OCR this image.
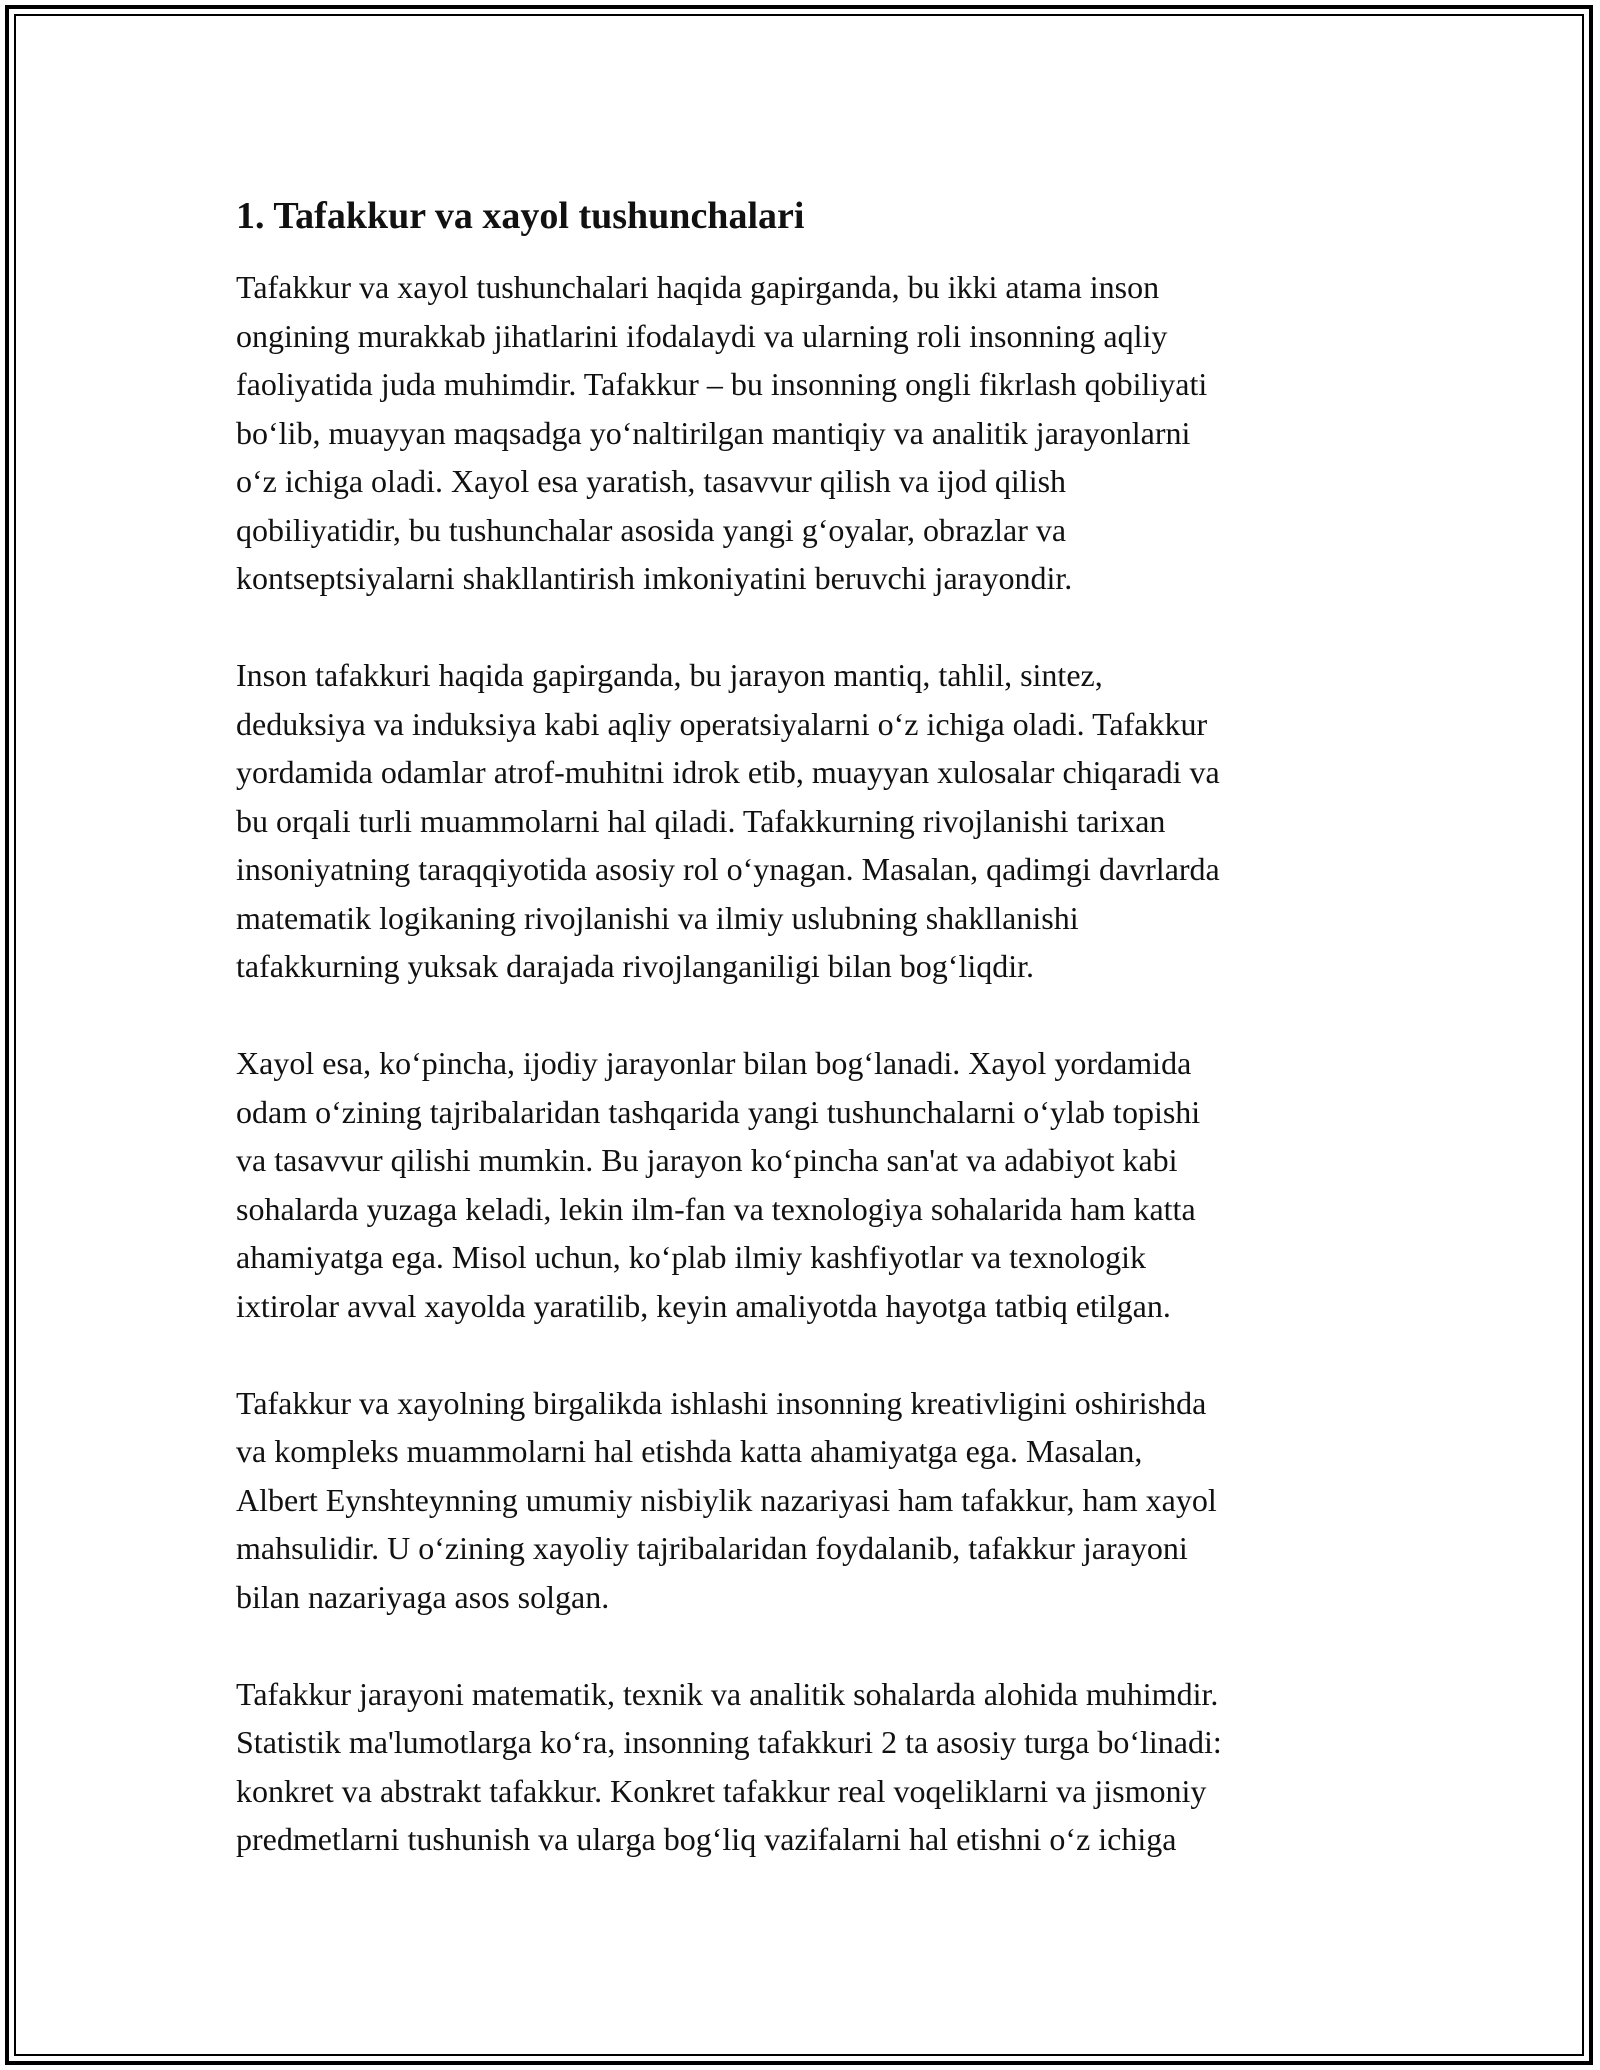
1. Tafakkur va xayol tushunchalari
Tafakkur va xayol tushunchalari haqida gapirganda, bu ikki atama inson
ongining murakkab jihatlarini ifodalaydi va ularning roli insonning aqliy
faoliyatida juda muhimdir. Tafakkur – bu insonning ongli fikrlash qobiliyati
bo‘lib, muayyan maqsadga yo‘naltirilgan mantiqiy va analitik jarayonlarni
o‘z ichiga oladi. Xayol esa yaratish, tasavvur qilish va ijod qilish
qobiliyatidir, bu tushunchalar asosida yangi g‘oyalar, obrazlar va
kontseptsiyalarni shakllantirish imkoniyatini beruvchi jarayondir.
Inson tafakkuri haqida gapirganda, bu jarayon mantiq, tahlil, sintez,
deduksiya va induksiya kabi aqliy operatsiyalarni o‘z ichiga oladi. Tafakkur
yordamida odamlar atrof-muhitni idrok etib, muayyan xulosalar chiqaradi va
bu orqali turli muammolarni hal qiladi. Tafakkurning rivojlanishi tarixan
insoniyatning taraqqiyotida asosiy rol o‘ynagan. Masalan, qadimgi davrlarda
matematik logikaning rivojlanishi va ilmiy uslubning shakllanishi
tafakkurning yuksak darajada rivojlanganiligi bilan bog‘liqdir.
Xayol esa, ko‘pincha, ijodiy jarayonlar bilan bog‘lanadi. Xayol yordamida
odam o‘zining tajribalaridan tashqarida yangi tushunchalarni o‘ylab topishi
va tasavvur qilishi mumkin. Bu jarayon ko‘pincha san'at va adabiyot kabi
sohalarda yuzaga keladi, lekin ilm-fan va texnologiya sohalarida ham katta
ahamiyatga ega. Misol uchun, ko‘plab ilmiy kashfiyotlar va texnologik
ixtirolar avval xayolda yaratilib, keyin amaliyotda hayotga tatbiq etilgan.
Tafakkur va xayolning birgalikda ishlashi insonning kreativligini oshirishda
va kompleks muammolarni hal etishda katta ahamiyatga ega. Masalan,
Albert Eynshteynning umumiy nisbiylik nazariyasi ham tafakkur, ham xayol
mahsulidir. U o‘zining xayoliy tajribalaridan foydalanib, tafakkur jarayoni
bilan nazariyaga asos solgan.
Tafakkur jarayoni matematik, texnik va analitik sohalarda alohida muhimdir.
Statistik ma'lumotlarga ko‘ra, insonning tafakkuri 2 ta asosiy turga bo‘linadi:
konkret va abstrakt tafakkur. Konkret tafakkur real voqeliklarni va jismoniy
predmetlarni tushunish va ularga bog‘liq vazifalarni hal etishni o‘z ichiga
